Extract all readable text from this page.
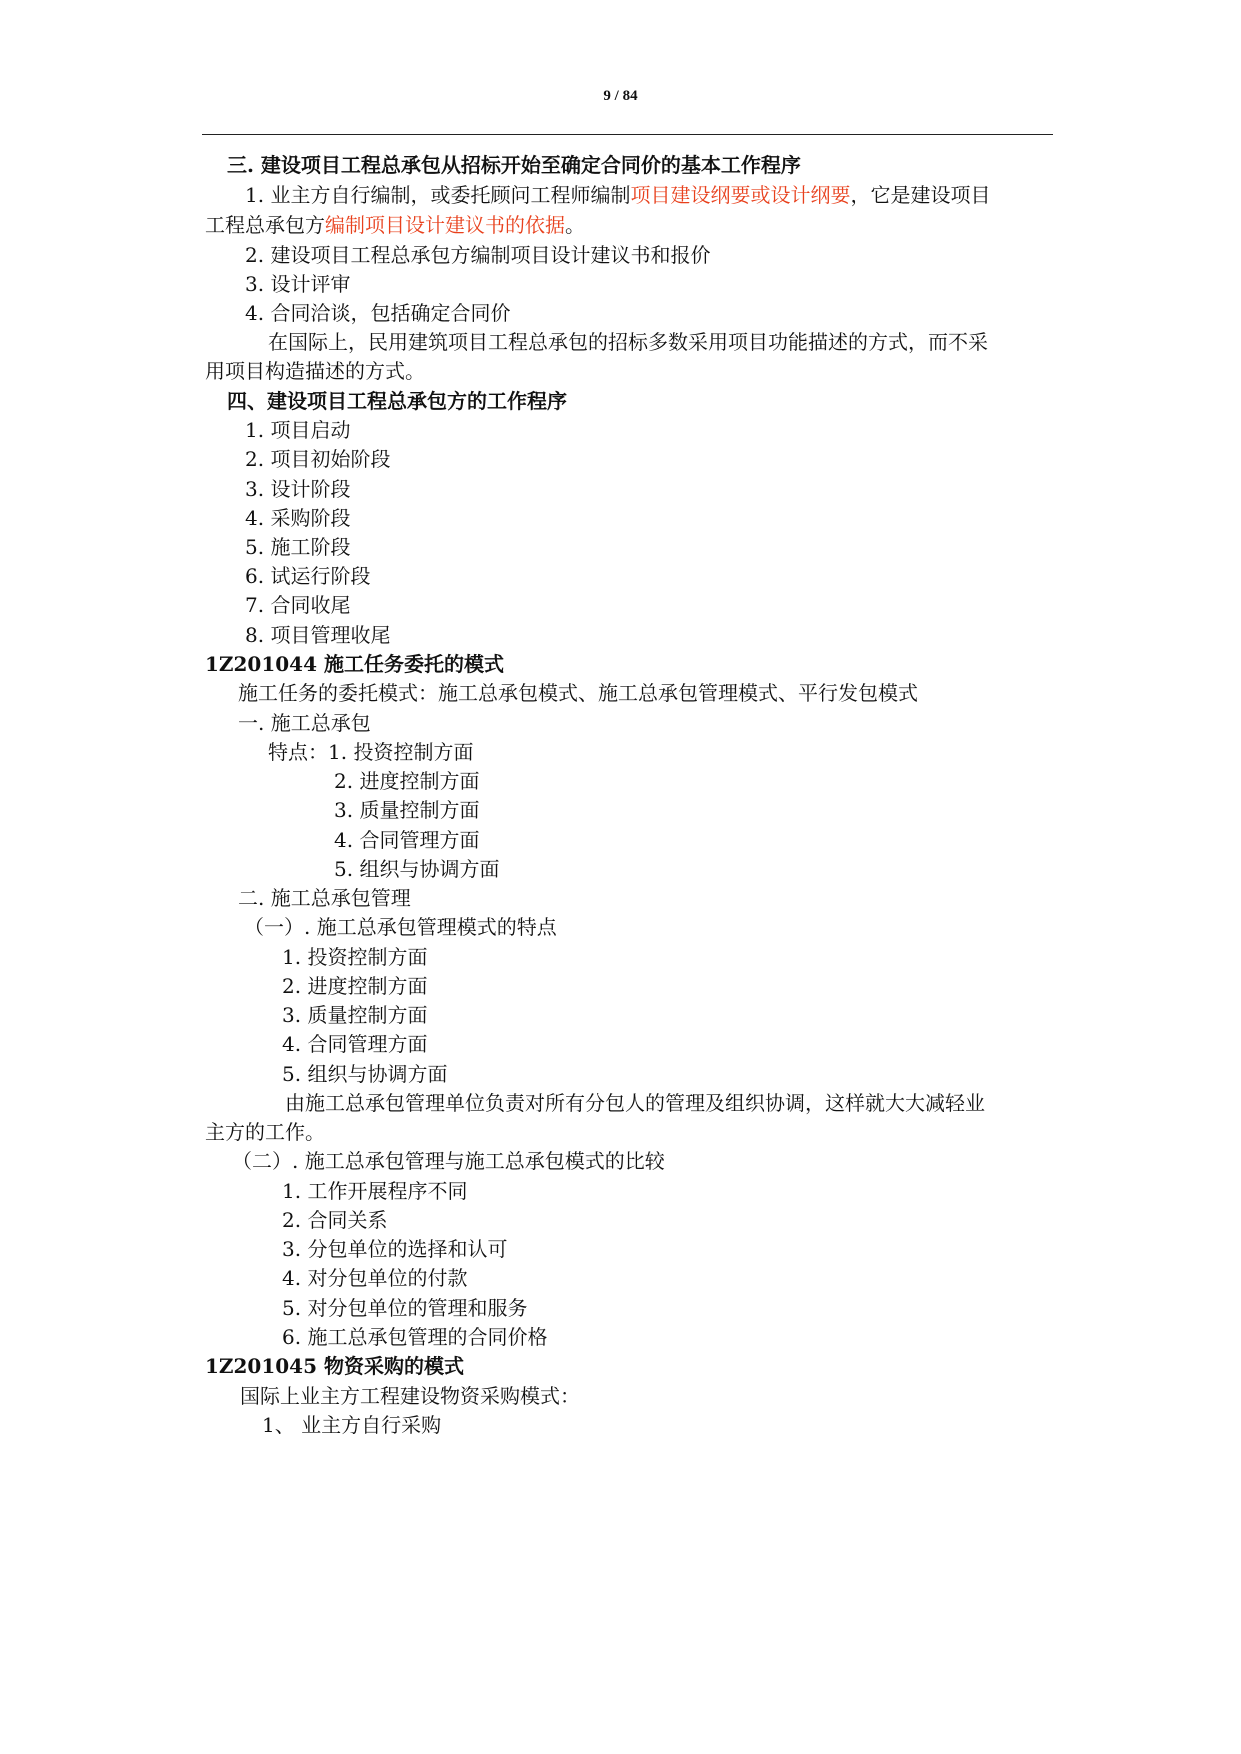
9 / 84
三. 建设项目工程总承包从招标开始至确定合同价的基本工作程序
1. 业主方自行编制，或委托顾问工程师编制项目建设纲要或设计纲要，它是建设项目
工程总承包方编制项目设计建议书的依据。
2. 建设项目工程总承包方编制项目设计建议书和报价
3. 设计评审
4. 合同洽谈，包括确定合同价
在国际上，民用建筑项目工程总承包的招标多数采用项目功能描述的方式，而不采
用项目构造描述的方式。
四、建设项目工程总承包方的工作程序
1. 项目启动
2. 项目初始阶段
3. 设计阶段
4. 采购阶段
5. 施工阶段
6. 试运行阶段
7. 合同收尾
8. 项目管理收尾
1Z201044 施工任务委托的模式
施工任务的委托模式：施工总承包模式、施工总承包管理模式、平行发包模式
一. 施工总承包
特点：1. 投资控制方面
2. 进度控制方面
3. 质量控制方面
4. 合同管理方面
5. 组织与协调方面
二. 施工总承包管理
（一）. 施工总承包管理模式的特点
1. 投资控制方面
2. 进度控制方面
3. 质量控制方面
4. 合同管理方面
5. 组织与协调方面
由施工总承包管理单位负责对所有分包人的管理及组织协调，这样就大大减轻业
主方的工作。
（二）. 施工总承包管理与施工总承包模式的比较
1. 工作开展程序不同
2. 合同关系
3. 分包单位的选择和认可
4. 对分包单位的付款
5. 对分包单位的管理和服务
6. 施工总承包管理的合同价格
1Z201045 物资采购的模式
国际上业主方工程建设物资采购模式：
1、 业主方自行采购
